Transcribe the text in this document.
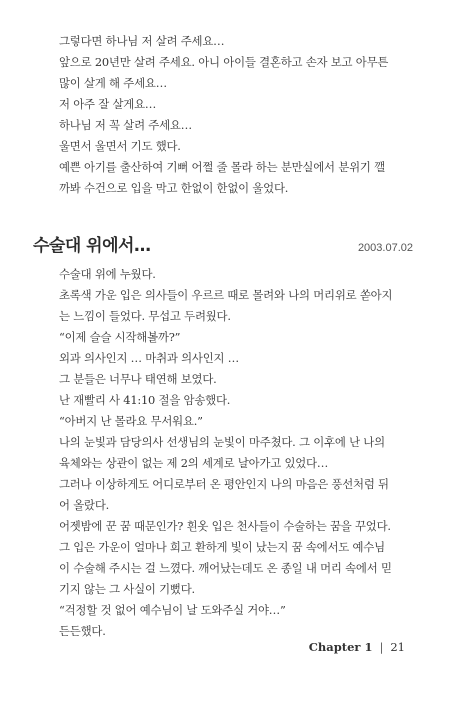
그렇다면 하나님 저 살려 주세요…
앞으로 20년만 살려 주세요. 아니 아이들 결혼하고 손자 보고 아무튼
많이 살게 해 주세요…
저 아주 잘 살게요…
하나님 저 꼭 살려 주세요…
울면서 울면서 기도 했다.
예쁜 아기를 출산하여 기뻐 어쩔 줄 몰라 하는 분만실에서 분위기 깰
까봐 수건으로 입을 막고 한없이 한없이 울었다.
수술대 위에서…	2003.07.02
수술대 위에 누웠다.
초록색 가운 입은 의사들이 우르르 때로 몰려와 나의 머리위로 쏟아지
는 느낌이 들었다. 무섭고 두려웠다.
“이제 슬슬 시작해볼까?”
외과 의사인지 … 마취과 의사인지 …
그 분들은 너무나 태연해 보였다.
난 재빨리 사 41:10 절을 암송했다.
“아버지 난 몰라요 무서워요.”
나의 눈빛과 담당의사 선생님의 눈빛이 마주쳤다. 그 이후에 난 나의
육체와는 상관이 없는 제 2의 세계로 날아가고 있었다…
그러나 이상하게도 어디로부터 온 평안인지 나의 마음은 풍선처럼 뒤
어 올랐다.
어젯밤에 꾼 꿈 때문인가? 흰옷 입은 천사들이 수술하는 꿈을 꾸었다.
그 입은 가운이 얼마나 희고 환하게 빛이 났는지 꿈 속에서도 예수님
이 수술해 주시는 걸 느꼈다. 깨어났는데도 온 종일 내 머리 속에서 믿
기지 않는 그 사실이 기뻤다.
“걱정할 것 없어 예수님이 날 도와주실 거야…”
든든했다.
Chapter 1 | 21
